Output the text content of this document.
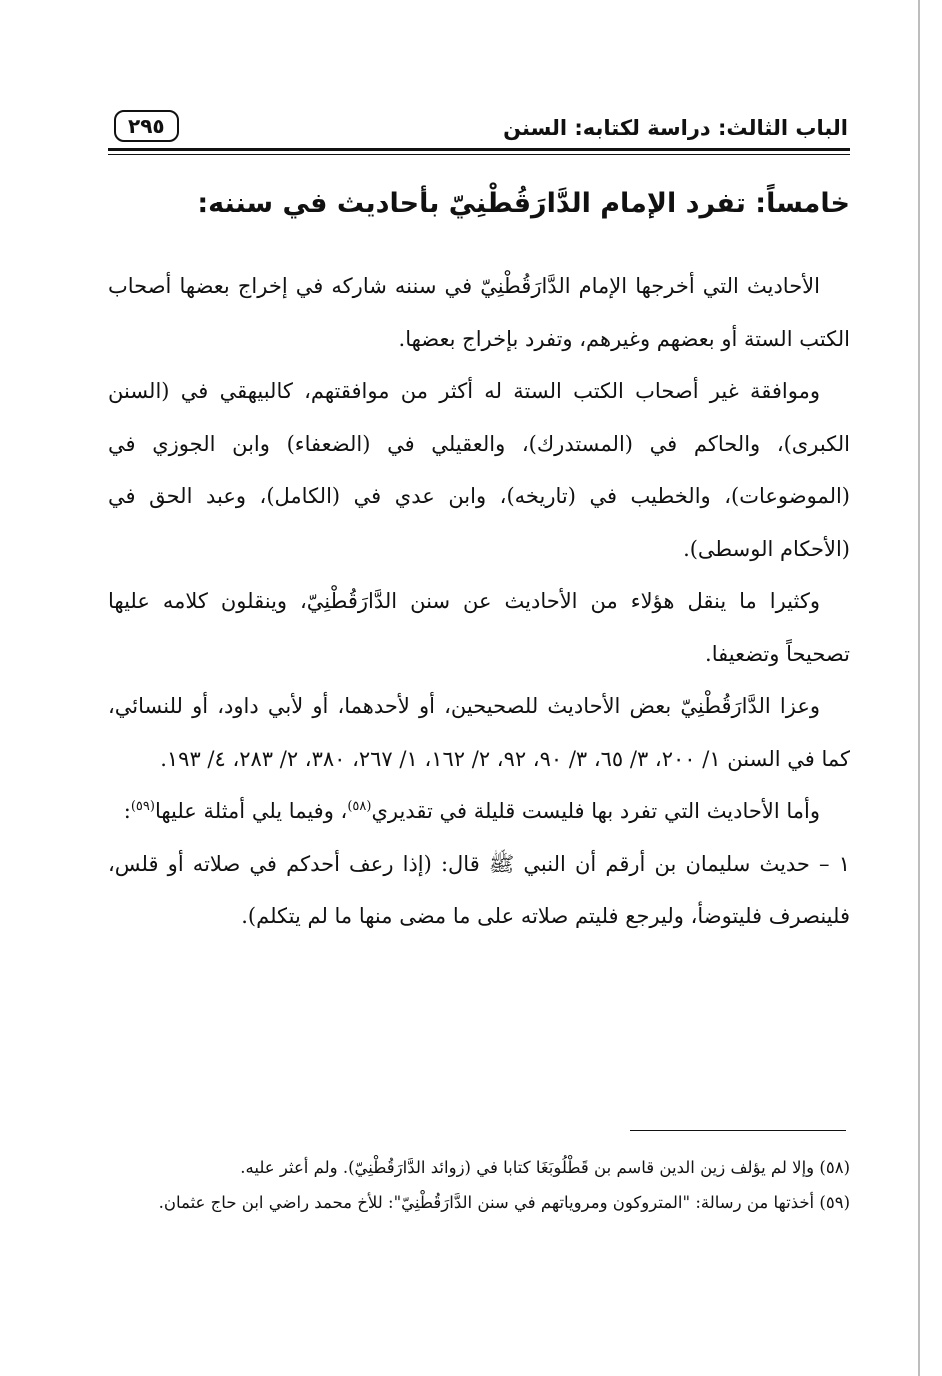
الباب الثالث: دراسة لكتابه: السنن
٢٩٥
خامساً: تفرد الإمام الدَّارَقُطْنِيّ بأحاديث في سننه:

الأحاديث التي أخرجها الإمام الدَّارَقُطْنِيّ في سننه شاركه في إخراج بعضها أصحاب الكتب الستة أو بعضهم وغيرهم، وتفرد بإخراج بعضها.

وموافقة غير أصحاب الكتب الستة له أكثر من موافقتهم، كالبيهقي في (السنن الكبرى)، والحاكم في (المستدرك)، والعقيلي في (الضعفاء) وابن الجوزي في (الموضوعات)، والخطيب في (تاريخه)، وابن عدي في (الكامل)، وعبد الحق في (الأحكام الوسطى).

وكثيرا ما ينقل هؤلاء من الأحاديث عن سنن الدَّارَقُطْنِيّ، وينقلون كلامه عليها تصحيحاً وتضعيفا.

وعزا الدَّارَقُطْنِيّ بعض الأحاديث للصحيحين، أو لأحدهما، أو لأبي داود، أو للنسائي، كما في السنن ١/ ٢٠٠، ٣/ ٦٥، ٣/ ٩٠، ٩٢، ٢/ ١٦٢، ١/ ٢٦٧، ٣٨٠، ٢/ ٢٨٣، ٤/ ١٩٣.

وأما الأحاديث التي تفرد بها فليست قليلة في تقديري$^{(٥٨)}$، وفيما يلي أمثلة عليها$^{(٥٩)}$:

١ – حديث سليمان بن أرقم أن النبي ﷺ قال: (إذا رعف أحدكم في صلاته أو قلس، فلينصرف فليتوضأ، وليرجع فليتم صلاته على ما مضى منها ما لم يتكلم).

(٥٨) وإلا لم يؤلف زين الدين قاسم بن قَطْلُوبَغَا كتابا في (زوائد الدَّارَقُطْنِيّ). ولم أعثر عليه.

(٥٩) أخذتها من رسالة: "المتروكون ومروياتهم في سنن الدَّارَقُطْنِيّ": للأخ محمد راضي ابن حاج عثمان.
